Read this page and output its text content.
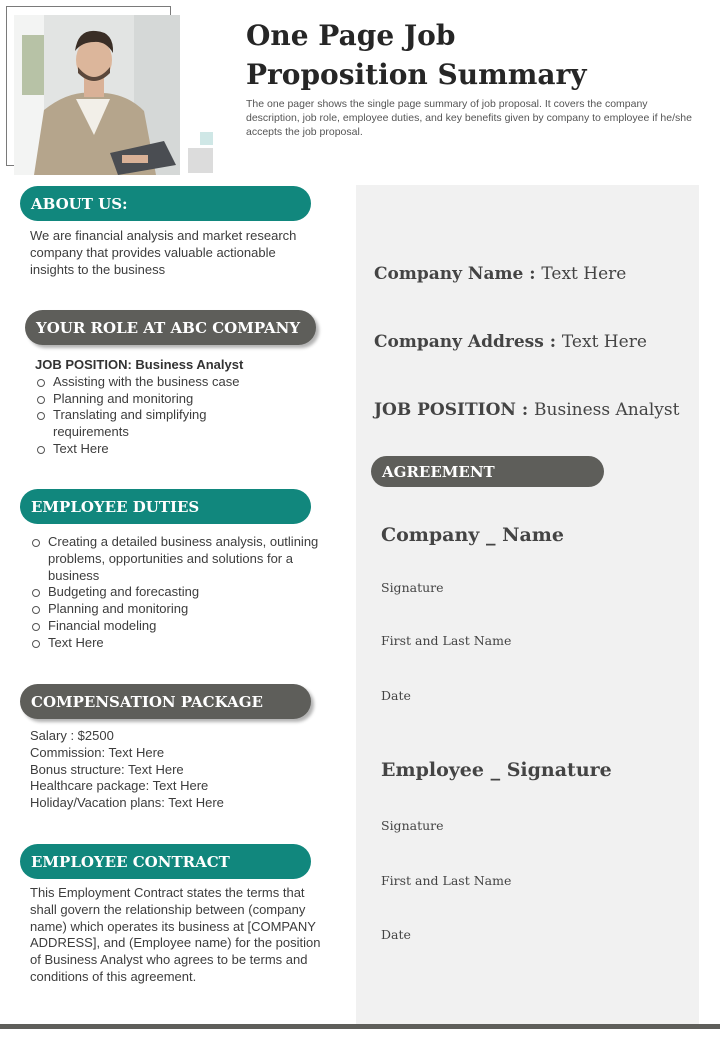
One Page Job
Proposition Summary

The one pager shows the single page summary of job proposal. It covers the company description, job role, employee duties, and key benefits given by company to employee if he/she accepts the job proposal.

ABOUT US:

We are financial analysis and market research company that provides valuable actionable insights to the business

YOUR ROLE AT ABC COMPANY
JOB POSITION: Business Analyst
Assisting with the business case
Planning and monitoring
Translating and simplifying requirements
Text Here
EMPLOYEE DUTIES
Creating a detailed business analysis, outlining problems, opportunities and solutions for a business
Budgeting and forecasting
Planning and monitoring
Financial modeling
Text Here
COMPENSATION PACKAGE
Salary : $2500
Commission: Text Here
Bonus structure: Text Here
Healthcare package: Text Here
Holiday/Vacation plans: Text Here
EMPLOYEE CONTRACT

This Employment Contract states the terms that shall govern the relationship between (company name) which operates its business at [COMPANY ADDRESS], and (Employee name) for the position of Business Analyst who agrees to be terms and conditions of this agreement.

Company Name : Text Here
Company Address : Text Here
JOB POSITION : Business Analyst
AGREEMENT
Company _ Name
Signature
First and Last Name
Date
Employee _ Signature
Signature
First and Last Name
Date
